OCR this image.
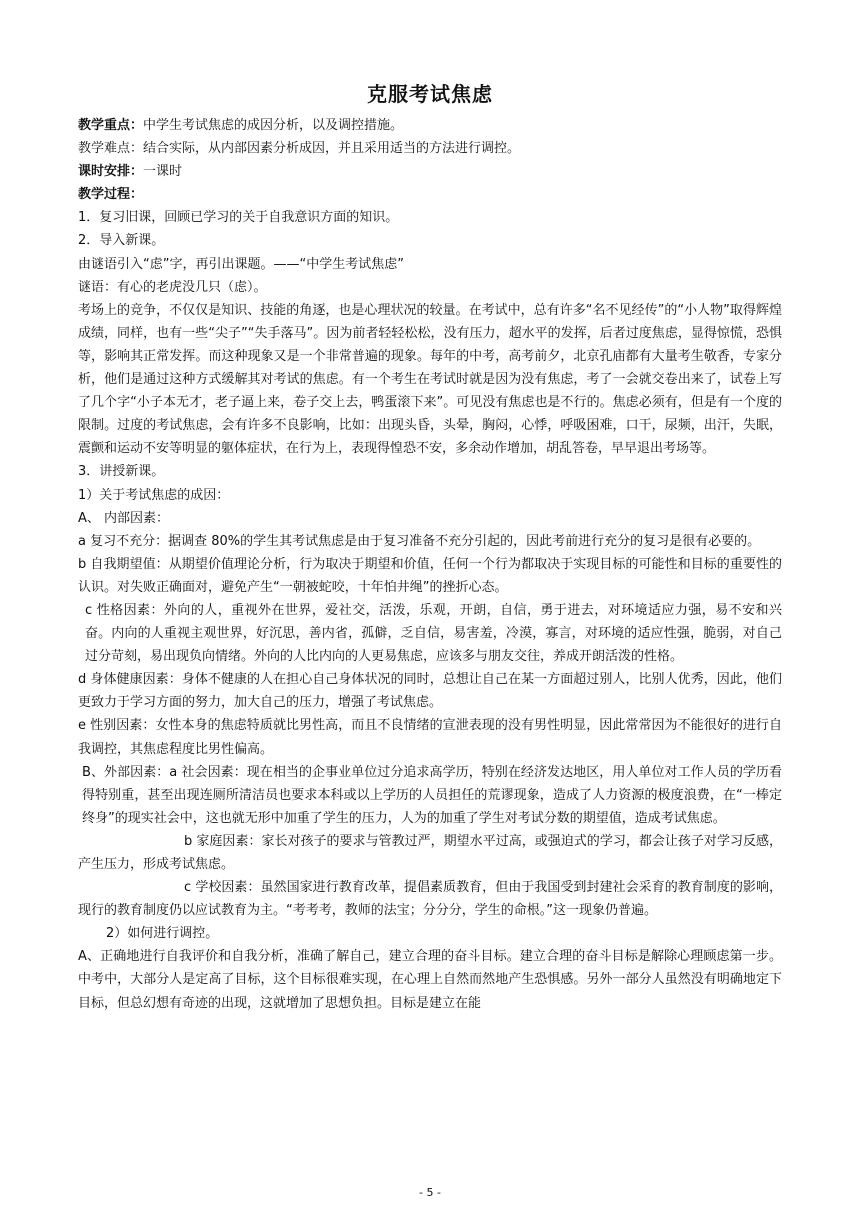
克服考试焦虑

教学重点：中学生考试焦虑的成因分析，以及调控措施。

教学难点：结合实际，从内部因素分析成因，并且采用适当的方法进行调控。

课时安排：一课时

教学过程：

1．复习旧课，回顾已学习的关于自我意识方面的知识。

2．导入新课。

由谜语引入“虑”字，再引出课题。——“中学生考试焦虑”

谜语：有心的老虎没几只（虑）。

考场上的竞争，不仅仅是知识、技能的角逐，也是心理状况的较量。在考试中，总有许多“名不见经传”的“小人物”取得辉煌成绩，同样，也有一些“尖子”“失手落马”。因为前者轻轻松松，没有压力，超水平的发挥，后者过度焦虑，显得惊慌，恐惧等，影响其正常发挥。而这种现象又是一个非常普遍的现象。每年的中考，高考前夕，北京孔庙都有大量考生敬香，专家分析，他们是通过这种方式缓解其对考试的焦虑。有一个考生在考试时就是因为没有焦虑，考了一会就交卷出来了，试卷上写了几个字“小子本无才，老子逼上来，卷子交上去，鸭蛋滚下来”。可见没有焦虑也是不行的。焦虑必须有，但是有一个度的限制。过度的考试焦虑，会有许多不良影响，比如：出现头昏，头晕，胸闷，心悸，呼吸困难，口干，尿频，出汗，失眠，震颤和运动不安等明显的躯体症状，在行为上，表现得惶恐不安，多余动作增加，胡乱答卷，早早退出考场等。

3．讲授新课。

1）关于考试焦虑的成因：

A、 内部因素：

a 复习不充分：据调查 80%的学生其考试焦虑是由于复习准备不充分引起的，因此考前进行充分的复习是很有必要的。

b 自我期望值：从期望价值理论分析，行为取决于期望和价值，任何一个行为都取决于实现目标的可能性和目标的重要性的认识。对失败正确面对，避免产生“一朝被蛇咬，十年怕井绳”的挫折心态。

c 性格因素：外向的人，重视外在世界，爱社交，活泼，乐观，开朗，自信，勇于进去，对环境适应力强，易不安和兴奋。内向的人重视主观世界，好沉思，善内省，孤僻，乏自信，易害羞，冷漠，寡言，对环境的适应性强，脆弱，对自己过分苛刻，易出现负向情绪。外向的人比内向的人更易焦虑，应该多与朋友交往，养成开朗活泼的性格。

d 身体健康因素：身体不健康的人在担心自己身体状况的同时，总想让自己在某一方面超过别人，比别人优秀，因此，他们更致力于学习方面的努力，加大自己的压力，增强了考试焦虑。

e 性别因素：女性本身的焦虑特质就比男性高，而且不良情绪的宣泄表现的没有男性明显，因此常常因为不能很好的进行自我调控，其焦虑程度比男性偏高。

B、外部因素：a 社会因素：现在相当的企事业单位过分追求高学历，特别在经济发达地区，用人单位对工作人员的学历看得特别重，甚至出现连厕所清洁员也要求本科或以上学历的人员担任的荒谬现象，造成了人力资源的极度浪费，在“一棒定终身”的现实社会中，这也就无形中加重了学生的压力，人为的加重了学生对考试分数的期望值，造成考试焦虑。

b 家庭因素：家长对孩子的要求与管教过严，期望水平过高，或强迫式的学习，都会让孩子对学习反感，产生压力，形成考试焦虑。

c 学校因素：虽然国家进行教育改革，提倡素质教育，但由于我国受到封建社会采育的教育制度的影响，现行的教育制度仍以应试教育为主。“考考考，教师的法宝；分分分，学生的命根。”这一现象仍普遍。

2）如何进行调控。

A、正确地进行自我评价和自我分析，准确了解自己，建立合理的奋斗目标。建立合理的奋斗目标是解除心理顾虑第一步。中考中，大部分人是定高了目标，这个目标很难实现，在心理上自然而然地产生恐惧感。另外一部分人虽然没有明确地定下目标，但总幻想有奇迹的出现，这就增加了思想负担。目标是建立在能

- 5 -
